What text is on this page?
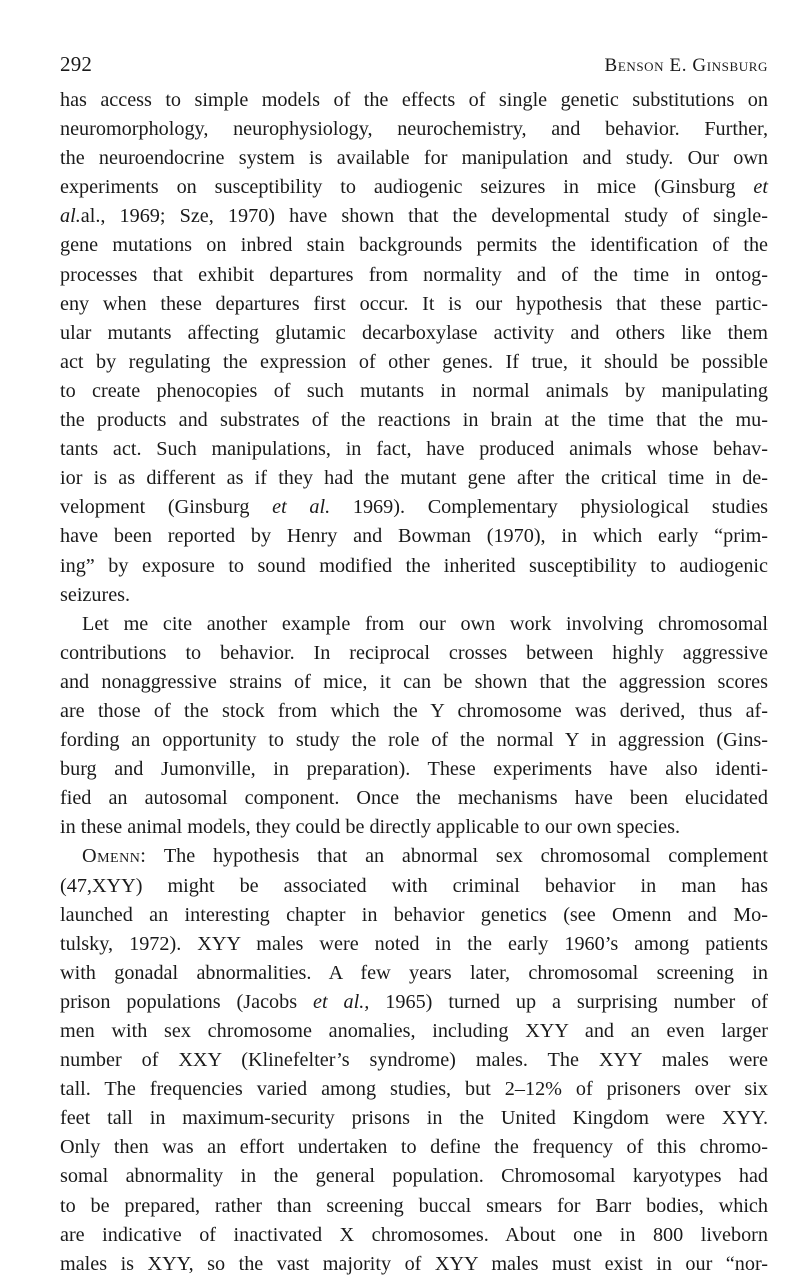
292	Benson E. Ginsburg
has access to simple models of the effects of single genetic substitutions on
neuromorphology, neurophysiology, neurochemistry, and behavior. Further,
the neuroendocrine system is available for manipulation and study. Our own
experiments on susceptibility to audiogenic seizures in mice (Ginsburg et
al.al., 1969; Sze, 1970) have shown that the developmental study of single-
gene mutations on inbred stain backgrounds permits the identification of the
processes that exhibit departures from normality and of the time in ontog-
eny when these departures first occur. It is our hypothesis that these partic-
ular mutants affecting glutamic decarboxylase activity and others like them
act by regulating the expression of other genes. If true, it should be possible
to create phenocopies of such mutants in normal animals by manipulating
the products and substrates of the reactions in brain at the time that the mu-
tants act. Such manipulations, in fact, have produced animals whose behav-
ior is as different as if they had the mutant gene after the critical time in de-
velopment (Ginsburg et al. 1969). Complementary physiological studies
have been reported by Henry and Bowman (1970), in which early “prim-
ing” by exposure to sound modified the inherited susceptibility to audiogenic
seizures.
Let me cite another example from our own work involving chromosomal
contributions to behavior. In reciprocal crosses between highly aggressive
and nonaggressive strains of mice, it can be shown that the aggression scores
are those of the stock from which the Y chromosome was derived, thus af-
fording an opportunity to study the role of the normal Y in aggression (Gins-
burg and Jumonville, in preparation). These experiments have also identi-
fied an autosomal component. Once the mechanisms have been elucidated
in these animal models, they could be directly applicable to our own species.
Omenn: The hypothesis that an abnormal sex chromosomal complement
(47,XYY) might be associated with criminal behavior in man has
launched an interesting chapter in behavior genetics (see Omenn and Mo-
tulsky, 1972). XYY males were noted in the early 1960’s among patients
with gonadal abnormalities. A few years later, chromosomal screening in
prison populations (Jacobs et al., 1965) turned up a surprising number of
men with sex chromosome anomalies, including XYY and an even larger
number of XXY (Klinefelter’s syndrome) males. The XYY males were
tall. The frequencies varied among studies, but 2–12% of prisoners over six
feet tall in maximum-security prisons in the United Kingdom were XYY.
Only then was an effort undertaken to define the frequency of this chromo-
somal abnormality in the general population. Chromosomal karyotypes had
to be prepared, rather than screening buccal smears for Barr bodies, which
are indicative of inactivated X chromosomes. About one in 800 liveborn
males is XYY, so the vast majority of XYY males must exist in our “nor-
